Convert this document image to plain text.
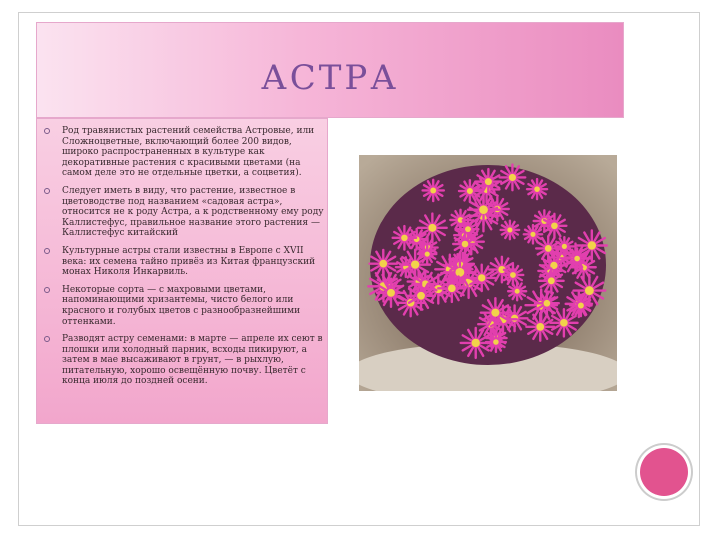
АСТРА
Род травянистых растений семейства Астровые, или Сложноцветные, включающий более 200 видов, широко распространенных в культуре как декоративные растения с красивыми цветами (на самом деле это не отдельные цветки, а соцветия).
Следует иметь в виду, что растение, известное в цветоводстве под названием «садовая астра», относится не к роду Астра, а к родственному ему роду Каллистефус, правильное название этого растения — Каллистефус китайский
Культурные астры стали известны в Европе с XVII века: их семена тайно привёз из Китая французский монах Николя Инкарвиль.
Некоторые сорта — с махровыми цветами, напоминающими хризантемы, чисто белого или красного и голубых цветов с разнообразнейшими оттенками.
Разводят астру семенами: в марте — апреле их сеют в плошки или холодный парник, всходы пикируют, а затем в мае высаживают в грунт, — в рыхлую, питательную, хорошо освещённую почву. Цветёт с конца июля до поздней осени.
